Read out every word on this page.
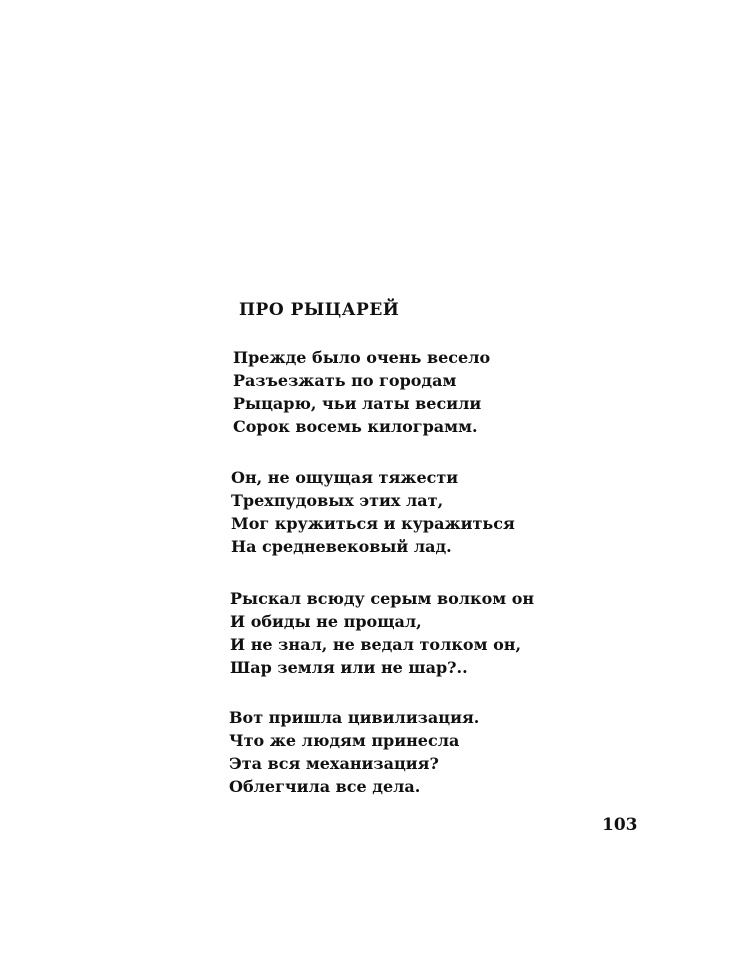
ПРО РЫЦАРЕЙ
Прежде было очень весело
Разъезжать по городам
Рыцарю, чьи латы весили
Сорок восемь килограмм.
Он, не ощущая тяжести
Трехпудовых этих лат,
Мог кружиться и куражиться
На средневековый лад.
Рыскал всюду серым волком он
И обиды не прощал,
И не знал, не ведал толком он,
Шар земля или не шар?..
Вот пришла цивилизация.
Что же людям принесла
Эта вся механизация?
Облегчила все дела.
103
